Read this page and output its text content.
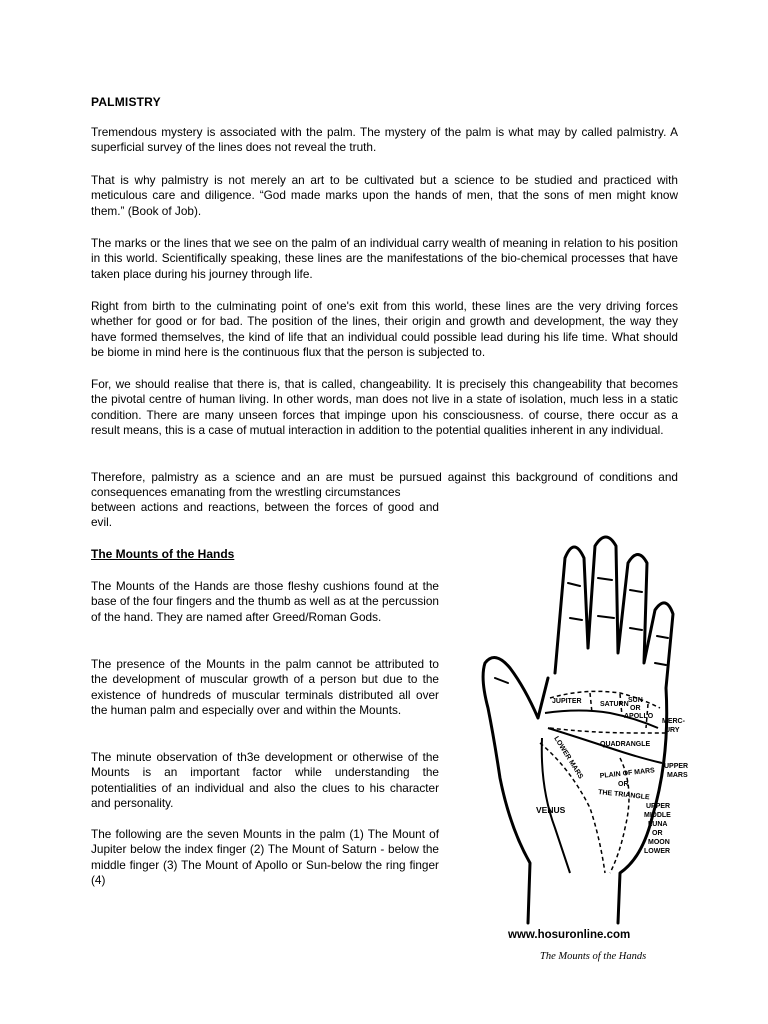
PALMISTRY

Tremendous mystery is associated with the palm. The mystery of the palm is what may by called palmistry. A superficial survey of the lines does not reveal the truth.

That is why palmistry is not merely an art to be cultivated but a science to be studied and practiced with meticulous care and diligence. “God made marks upon the hands of men, that the sons of men might know them.” (Book of Job).

The marks or the lines that we see on the palm of an individual carry wealth of meaning in relation to his position in this world. Scientifically speaking, these lines are the manifestations of the bio-chemical processes that have taken place during his journey through life.

Right from birth to the culminating point of one's exit from this world, these lines are the very driving forces whether for good or for bad. The position of the lines, their origin and growth and development, the way they have formed themselves, the kind of life that an individual could possible lead during his life time. What should be biome in mind here is the continuous flux that the person is subjected to.

For, we should realise that there is, that is called, changeability. It is precisely this changeability that becomes the pivotal centre of human living. In other words, man does not live in a state of isolation, much less in a static condition. There are many unseen forces that impinge upon his consciousness. of course, there occur as a result means, this is a case of mutual interaction in addition to the potential qualities inherent in any individual.

Therefore, palmistry as a science and an are must be pursued against this background of conditions and consequences emanating from the wrestling circumstances

between actions and reactions, between the forces of good and evil.

The Mounts of the Hands

The Mounts of the Hands are those fleshy cushions found at the base of the four fingers and the thumb as well as at the percussion of the hand. They are named after Greed/Roman Gods.

The presence of the Mounts in the palm cannot be attributed to the development of muscular growth of a person but due to the existence of hundreds of muscular terminals distributed all over the human palm and especially over and within the Mounts.

The minute observation of th3e development or otherwise of the Mounts is an important factor while understanding the potentialities of an individual and also the clues to his character and personality.

The following are the seven Mounts in the palm (1) The Mount of Jupiter below the index finger (2) The Mount of Saturn - below the middle finger (3) The Mount of Apollo or Sun-below the ring finger (4)

JUPITER	SATURN
SUN
OR
APOLLO
MERC-
URY
QUADRANGLE
LOWER MARS PLAIN OF MARS
OR
THE TRIANGLE
UPPER
MARS
VENUS	UPPER
MIDDLE
LUNA
OR
MOON
LOWER
www.hosuronline.com
The Mounts of the Hands
